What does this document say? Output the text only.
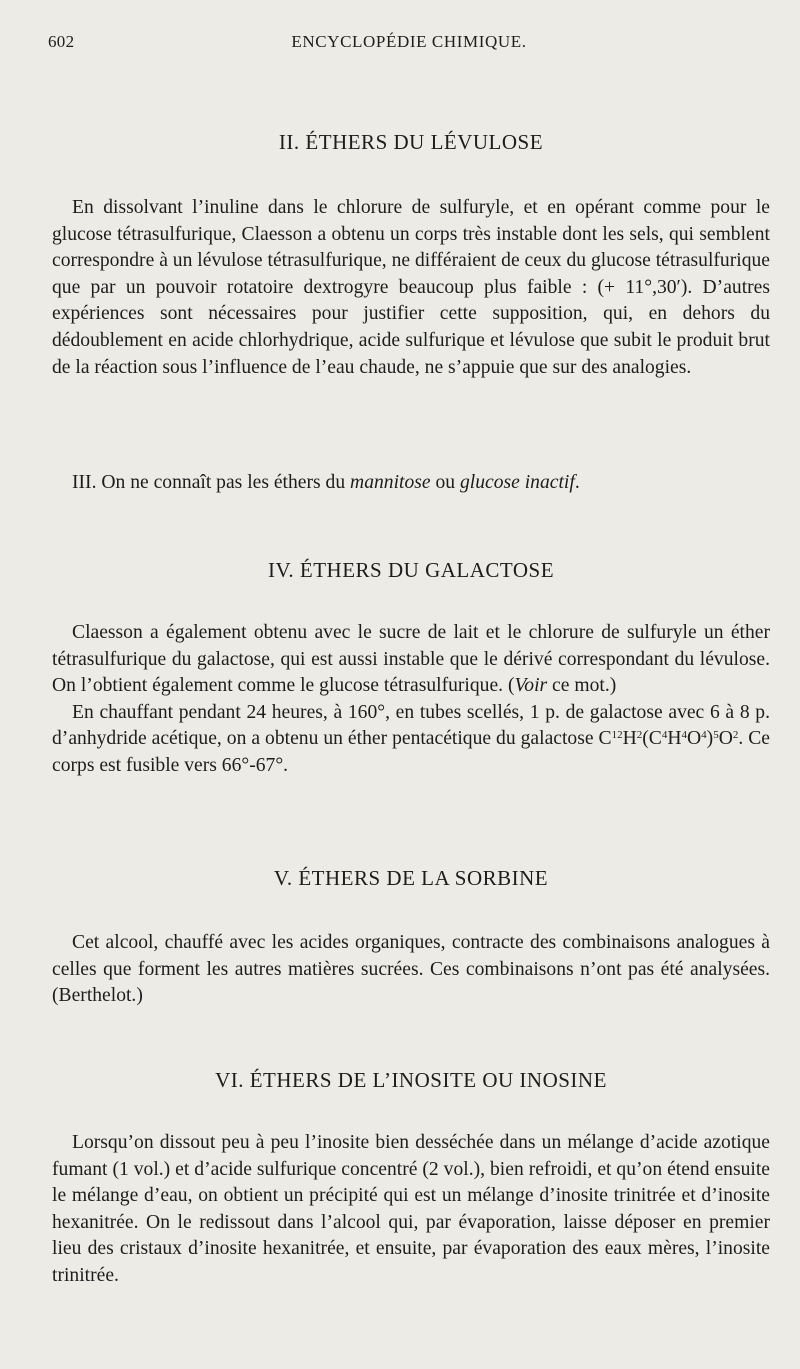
602	ENCYCLOPÉDIE CHIMIQUE.
II. ÉTHERS DU LÉVULOSE

En dissolvant l’inuline dans le chlorure de sulfuryle, et en opérant comme pour le glucose tétrasulfurique, Claesson a obtenu un corps très instable dont les sels, qui semblent correspondre à un lévulose tétrasulfurique, ne différaient de ceux du glucose tétrasulfurique que par un pouvoir rotatoire dextrogyre beaucoup plus faible : (+ 11°,30′). D’autres expériences sont nécessaires pour justifier cette supposition, qui, en dehors du dédoublement en acide chlorhydrique, acide sulfurique et lévulose que subit le produit brut de la réaction sous l’influence de l’eau chaude, ne s’appuie que sur des analogies.

III. On ne connaît pas les éthers du mannitose ou glucose inactif.

IV. ÉTHERS DU GALACTOSE

Claesson a également obtenu avec le sucre de lait et le chlorure de sulfuryle un éther tétrasulfurique du galactose, qui est aussi instable que le dérivé correspondant du lévulose. On l’obtient également comme le glucose tétrasulfurique. (Voir ce mot.)

En chauffant pendant 24 heures, à 160°, en tubes scellés, 1 p. de galactose avec 6 à 8 p. d’anhydride acétique, on a obtenu un éther pentacétique du galactose $C^{12}H^2(C^4H^4O^4)^5O^2$. Ce corps est fusible vers 66°-67°.

V. ÉTHERS DE LA SORBINE

Cet alcool, chauffé avec les acides organiques, contracte des combinaisons analogues à celles que forment les autres matières sucrées. Ces combinaisons n’ont pas été analysées. (Berthelot.)

VI. ÉTHERS DE L’INOSITE OU INOSINE

Lorsqu’on dissout peu à peu l’inosite bien desséchée dans un mélange d’acide azotique fumant (1 vol.) et d’acide sulfurique concentré (2 vol.), bien refroidi, et qu’on étend ensuite le mélange d’eau, on obtient un précipité qui est un mélange d’inosite trinitrée et d’inosite hexanitrée. On le redissout dans l’alcool qui, par évaporation, laisse déposer en premier lieu des cristaux d’inosite hexanitrée, et ensuite, par évaporation des eaux mères, l’inosite trinitrée.
